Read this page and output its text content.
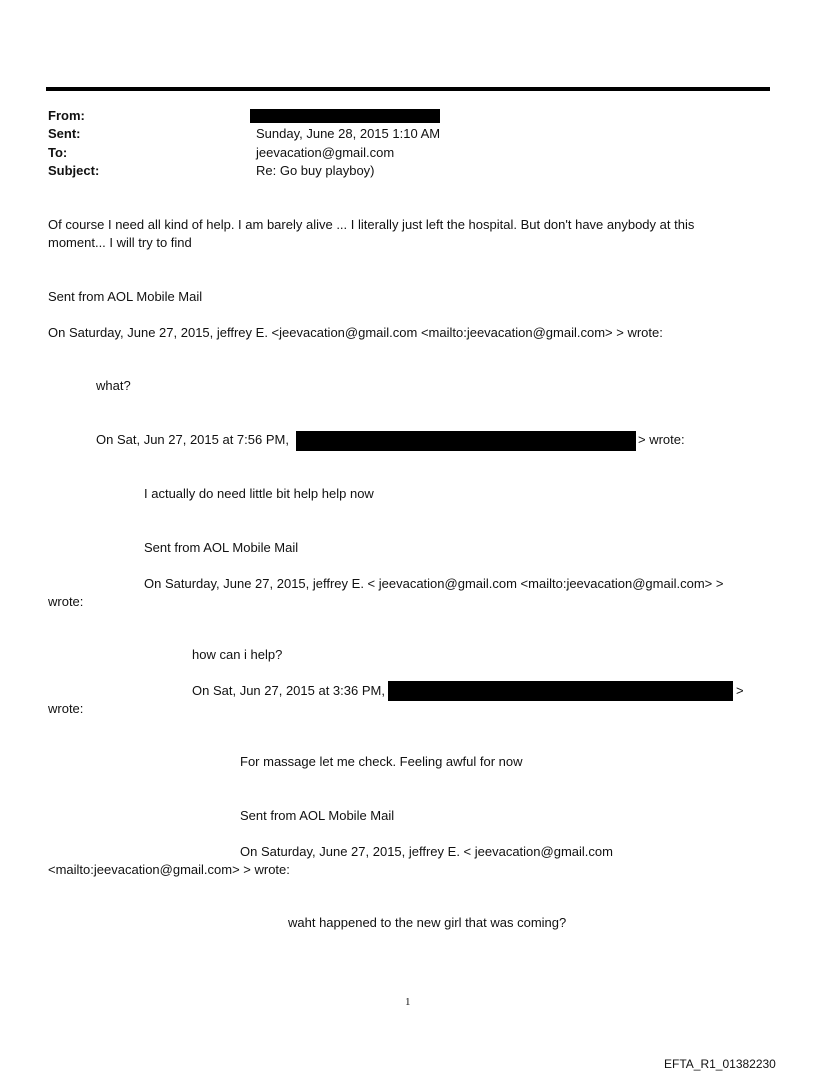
From:
Sent:	Sunday, June 28, 2015 1:10 AM
To:	jeevacation@gmail.com
Subject:	Re: Go buy playboy)
Of course I need all kind of help. I am barely alive ... I literally just left the hospital. But don't have anybody at this
moment... I will try to find
Sent from AOL Mobile Mail
On Saturday, June 27, 2015, jeffrey E. <jeevacation@gmail.com <mailto:jeevacation@gmail.com> > wrote:
what?
On Sat, Jun 27, 2015 at 7:56 PM,	> wrote:
I actually do need little bit help help now
Sent from AOL Mobile Mail
On Saturday, June 27, 2015, jeffrey E. < jeevacation@gmail.com <mailto:jeevacation@gmail.com> >
wrote:
how can i help?
On Sat, Jun 27, 2015 at 3:36 PM,	>
wrote:
For massage let me check. Feeling awful for now
Sent from AOL Mobile Mail
On Saturday, June 27, 2015, jeffrey E. < jeevacation@gmail.com
<mailto:jeevacation@gmail.com> > wrote:
waht happened to the new girl that was coming?
1
EFTA_R1_01382230
